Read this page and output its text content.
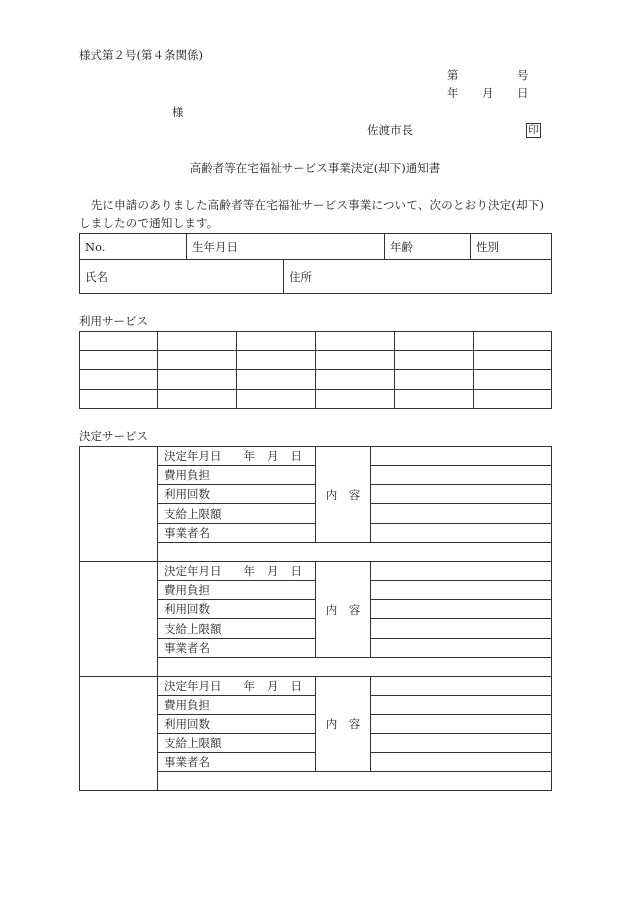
様式第２号(第４条関係)
第	号
年 月 日
様
佐渡市長	印
高齢者等在宅福祉サービス事業決定(却下)通知書
　先に申請のありました高齢者等在宅福祉サービス事業について、次のとおり決定(却下)
しましたので通知します。
No.	生年月日	年齢	性別
氏名	住所
利用サービス
決定サービス
決定年月日 年 月 日
費用負担
利用回数
支給上限額
事業者名
内　容
決定年月日 年 月 日
費用負担
利用回数
支給上限額
事業者名
内　容
決定年月日 年 月 日
費用負担
利用回数
支給上限額
事業者名
内　容
